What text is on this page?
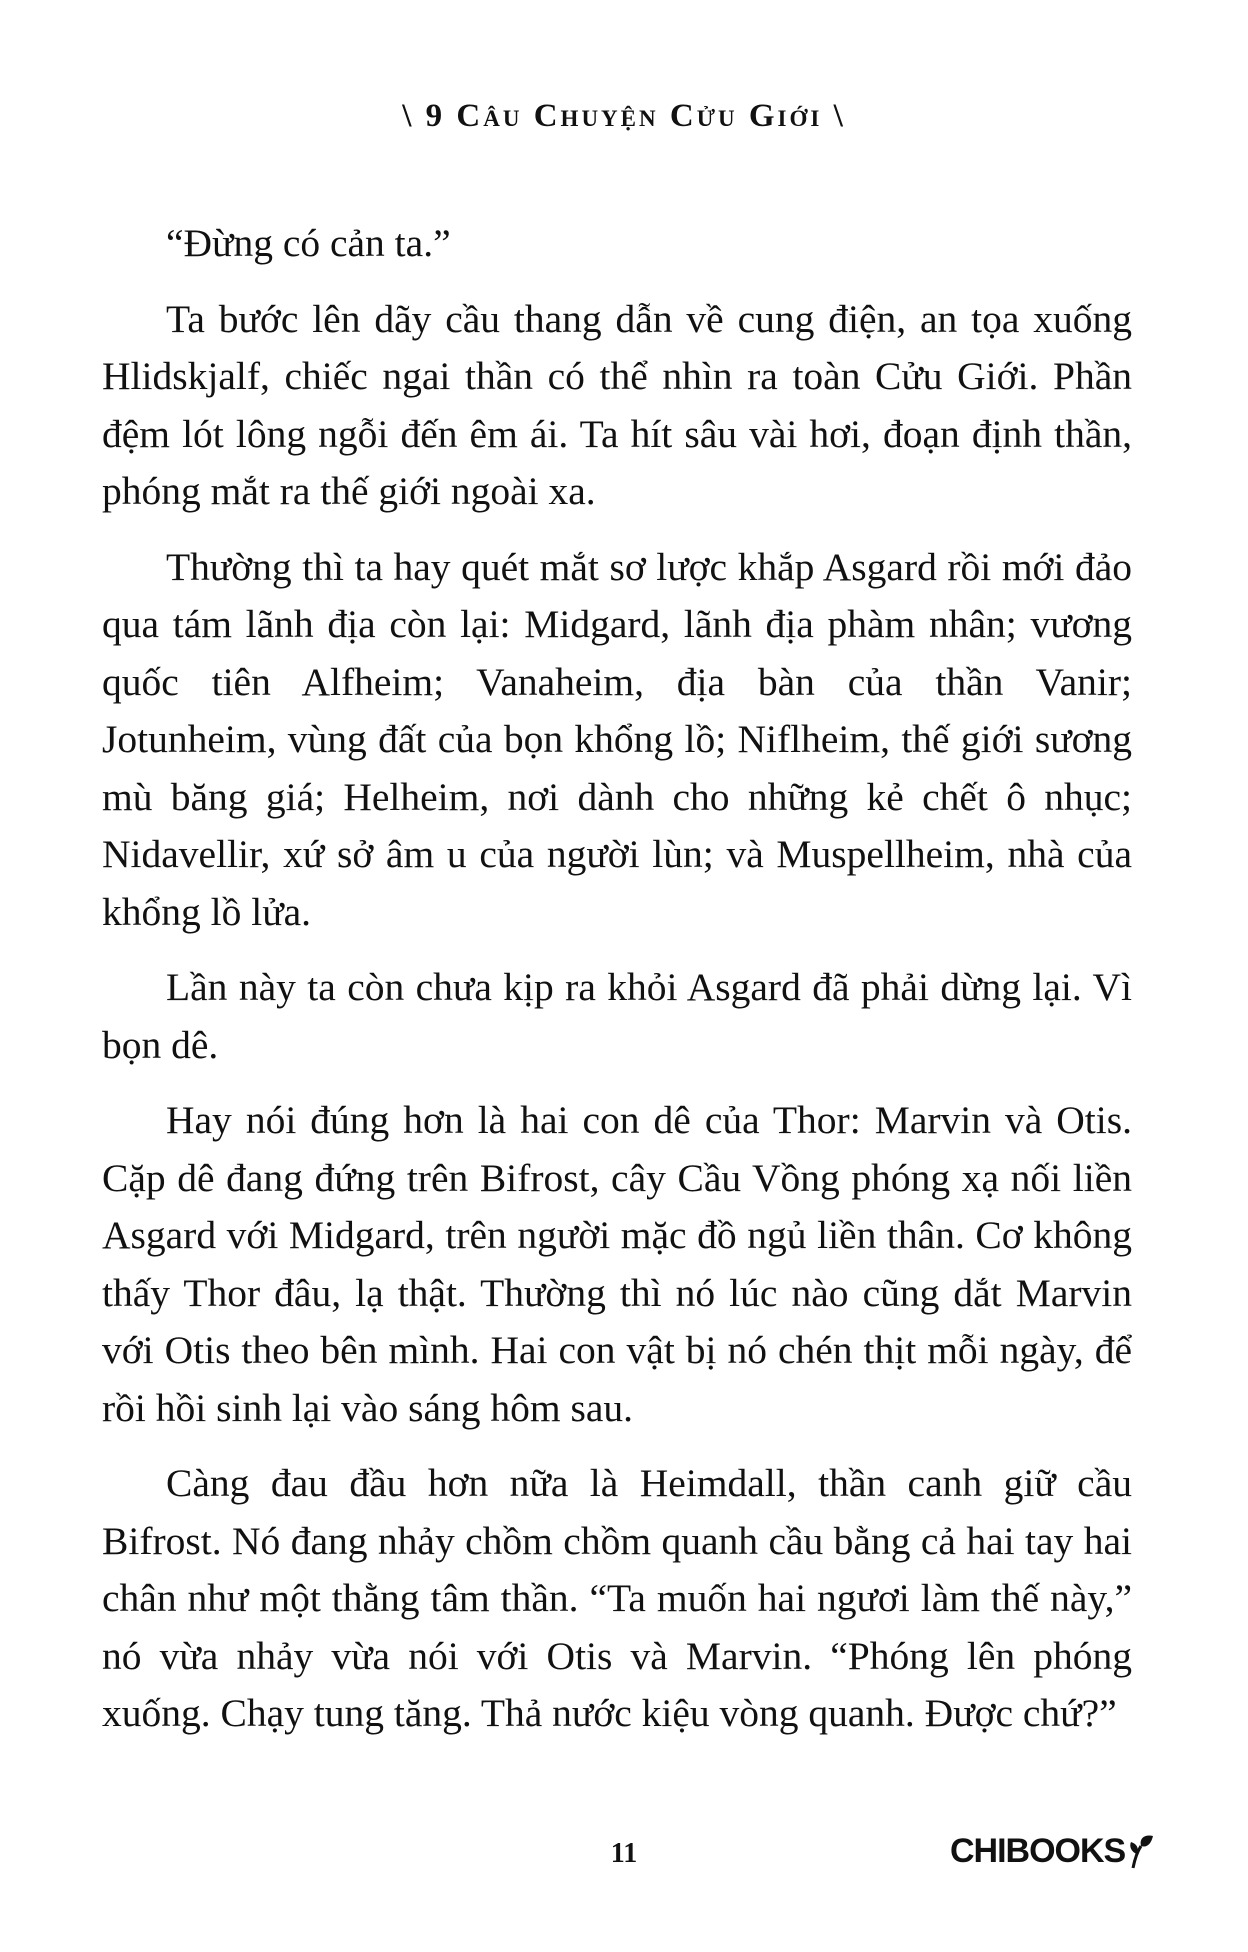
\ 9 Câu Chuyện Cửu Giới \

“Đừng có cản ta.”

Ta bước lên dãy cầu thang dẫn về cung điện, an tọa xuống Hlidskjalf, chiếc ngai thần có thể nhìn ra toàn Cửu Giới. Phần đệm lót lông ngỗi đến êm ái. Ta hít sâu vài hơi, đoạn định thần, phóng mắt ra thế giới ngoài xa.

Thường thì ta hay quét mắt sơ lược khắp Asgard rồi mới đảo qua tám lãnh địa còn lại: Midgard, lãnh địa phàm nhân; vương quốc tiên Alfheim; Vanaheim, địa bàn của thần Vanir; Jotunheim, vùng đất của bọn khổng lồ; Niflheim, thế giới sương mù băng giá; Helheim, nơi dành cho những kẻ chết ô nhục; Nidavellir, xứ sở âm u của người lùn; và Muspellheim, nhà của khổng lồ lửa.

Lần này ta còn chưa kịp ra khỏi Asgard đã phải dừng lại. Vì bọn dê.

Hay nói đúng hơn là hai con dê của Thor: Marvin và Otis. Cặp dê đang đứng trên Bifrost, cây Cầu Vồng phóng xạ nối liền Asgard với Midgard, trên người mặc đồ ngủ liền thân. Cơ không thấy Thor đâu, lạ thật. Thường thì nó lúc nào cũng dắt Marvin với Otis theo bên mình. Hai con vật bị nó chén thịt mỗi ngày, để rồi hồi sinh lại vào sáng hôm sau.

Càng đau đầu hơn nữa là Heimdall, thần canh giữ cầu Bifrost. Nó đang nhảy chồm chồm quanh cầu bằng cả hai tay hai chân như một thằng tâm thần. “Ta muốn hai ngươi làm thế này,” nó vừa nhảy vừa nói với Otis và Marvin. “Phóng lên phóng xuống. Chạy tung tăng. Thả nước kiệu vòng quanh. Được chứ?”

11	CHIBOOKS
